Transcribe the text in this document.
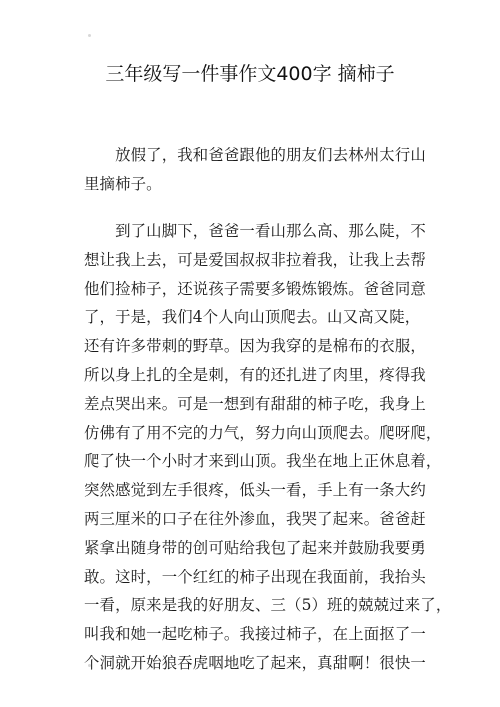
三年级写一件事作文400字 摘柿子

　　放假了，我和爸爸跟他的朋友们去林州太行山
里摘柿子。

　　到了山脚下，爸爸一看山那么高、那么陡，不
想让我上去，可是爱国叔叔非拉着我，让我上去帮
他们捡柿子，还说孩子需要多锻炼锻炼。爸爸同意
了，于是，我们4个人向山顶爬去。山又高又陡，
还有许多带刺的野草。因为我穿的是棉布的衣服，
所以身上扎的全是刺，有的还扎进了肉里，疼得我
差点哭出来。可是一想到有甜甜的柿子吃，我身上
仿佛有了用不完的力气，努力向山顶爬去。爬呀爬，
爬了快一个小时才来到山顶。我坐在地上正休息着，
突然感觉到左手很疼，低头一看，手上有一条大约
两三厘米的口子在往外渗血，我哭了起来。爸爸赶
紧拿出随身带的创可贴给我包了起来并鼓励我要勇
敢。这时，一个红红的柿子出现在我面前，我抬头
一看，原来是我的好朋友、三（5）班的兢兢过来了，
叫我和她一起吃柿子。我接过柿子，在上面抠了一
个洞就开始狼吞虎咽地吃了起来，真甜啊！很快一
